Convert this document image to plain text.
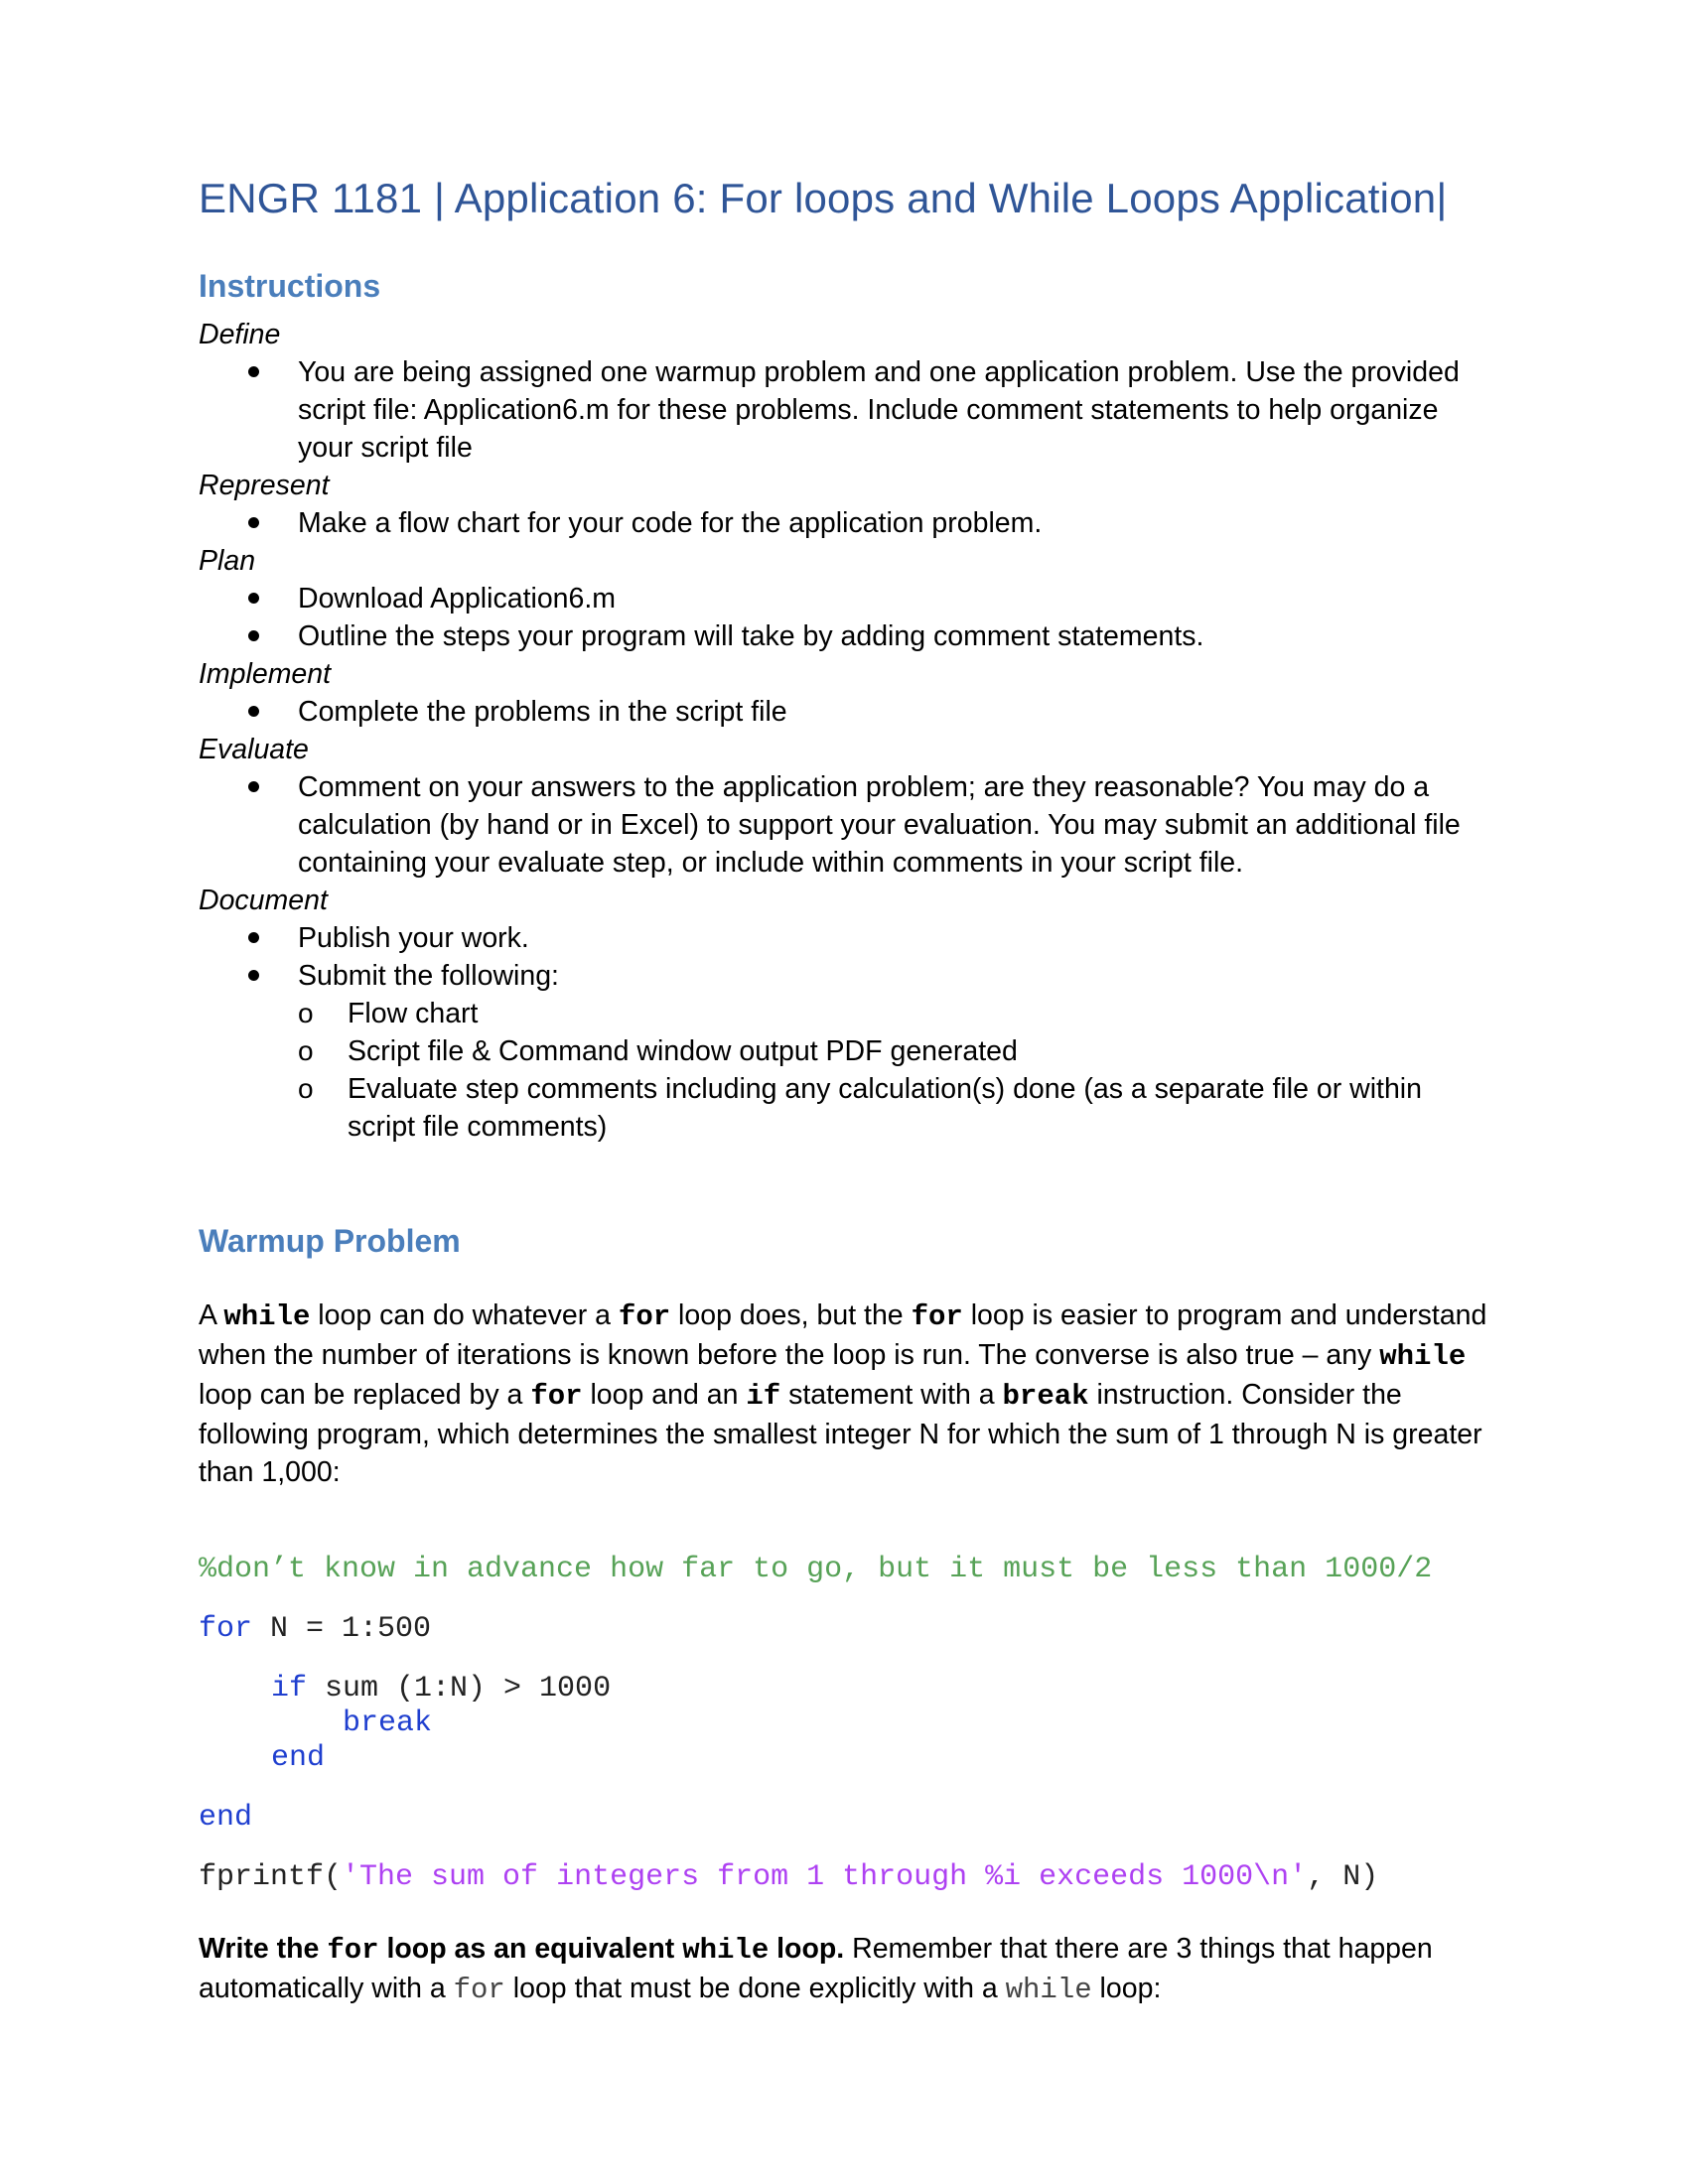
ENGR 1181 | Application 6: For loops and While Loops Application|
Instructions
Define
You are being assigned one warmup problem and one application problem. Use the provided script file: Application6.m for these problems. Include comment statements to help organize your script file
Represent
Make a flow chart for your code for the application problem.
Plan
Download Application6.m
Outline the steps your program will take by adding comment statements.
Implement
Complete the problems in the script file
Evaluate
Comment on your answers to the application problem; are they reasonable? You may do a calculation (by hand or in Excel) to support your evaluation. You may submit an additional file containing your evaluate step, or include within comments in your script file.
Document
Publish your work.
Submit the following:
o Flow chart
o Script file & Command window output PDF generated
o Evaluate step comments including any calculation(s) done (as a separate file or within script file comments)
Warmup Problem
A while loop can do whatever a for loop does, but the for loop is easier to program and understand when the number of iterations is known before the loop is run. The converse is also true – any while loop can be replaced by a for loop and an if statement with a break instruction. Consider the following program, which determines the smallest integer N for which the sum of 1 through N is greater than 1,000:
%don’t know in advance how far to go, but it must be less than 1000/2
for N = 1:500
if sum (1:N) > 1000
break
end
end
fprintf('The sum of integers from 1 through %i exceeds 1000\n', N)
Write the for loop as an equivalent while loop. Remember that there are 3 things that happen automatically with a for loop that must be done explicitly with a while loop:
